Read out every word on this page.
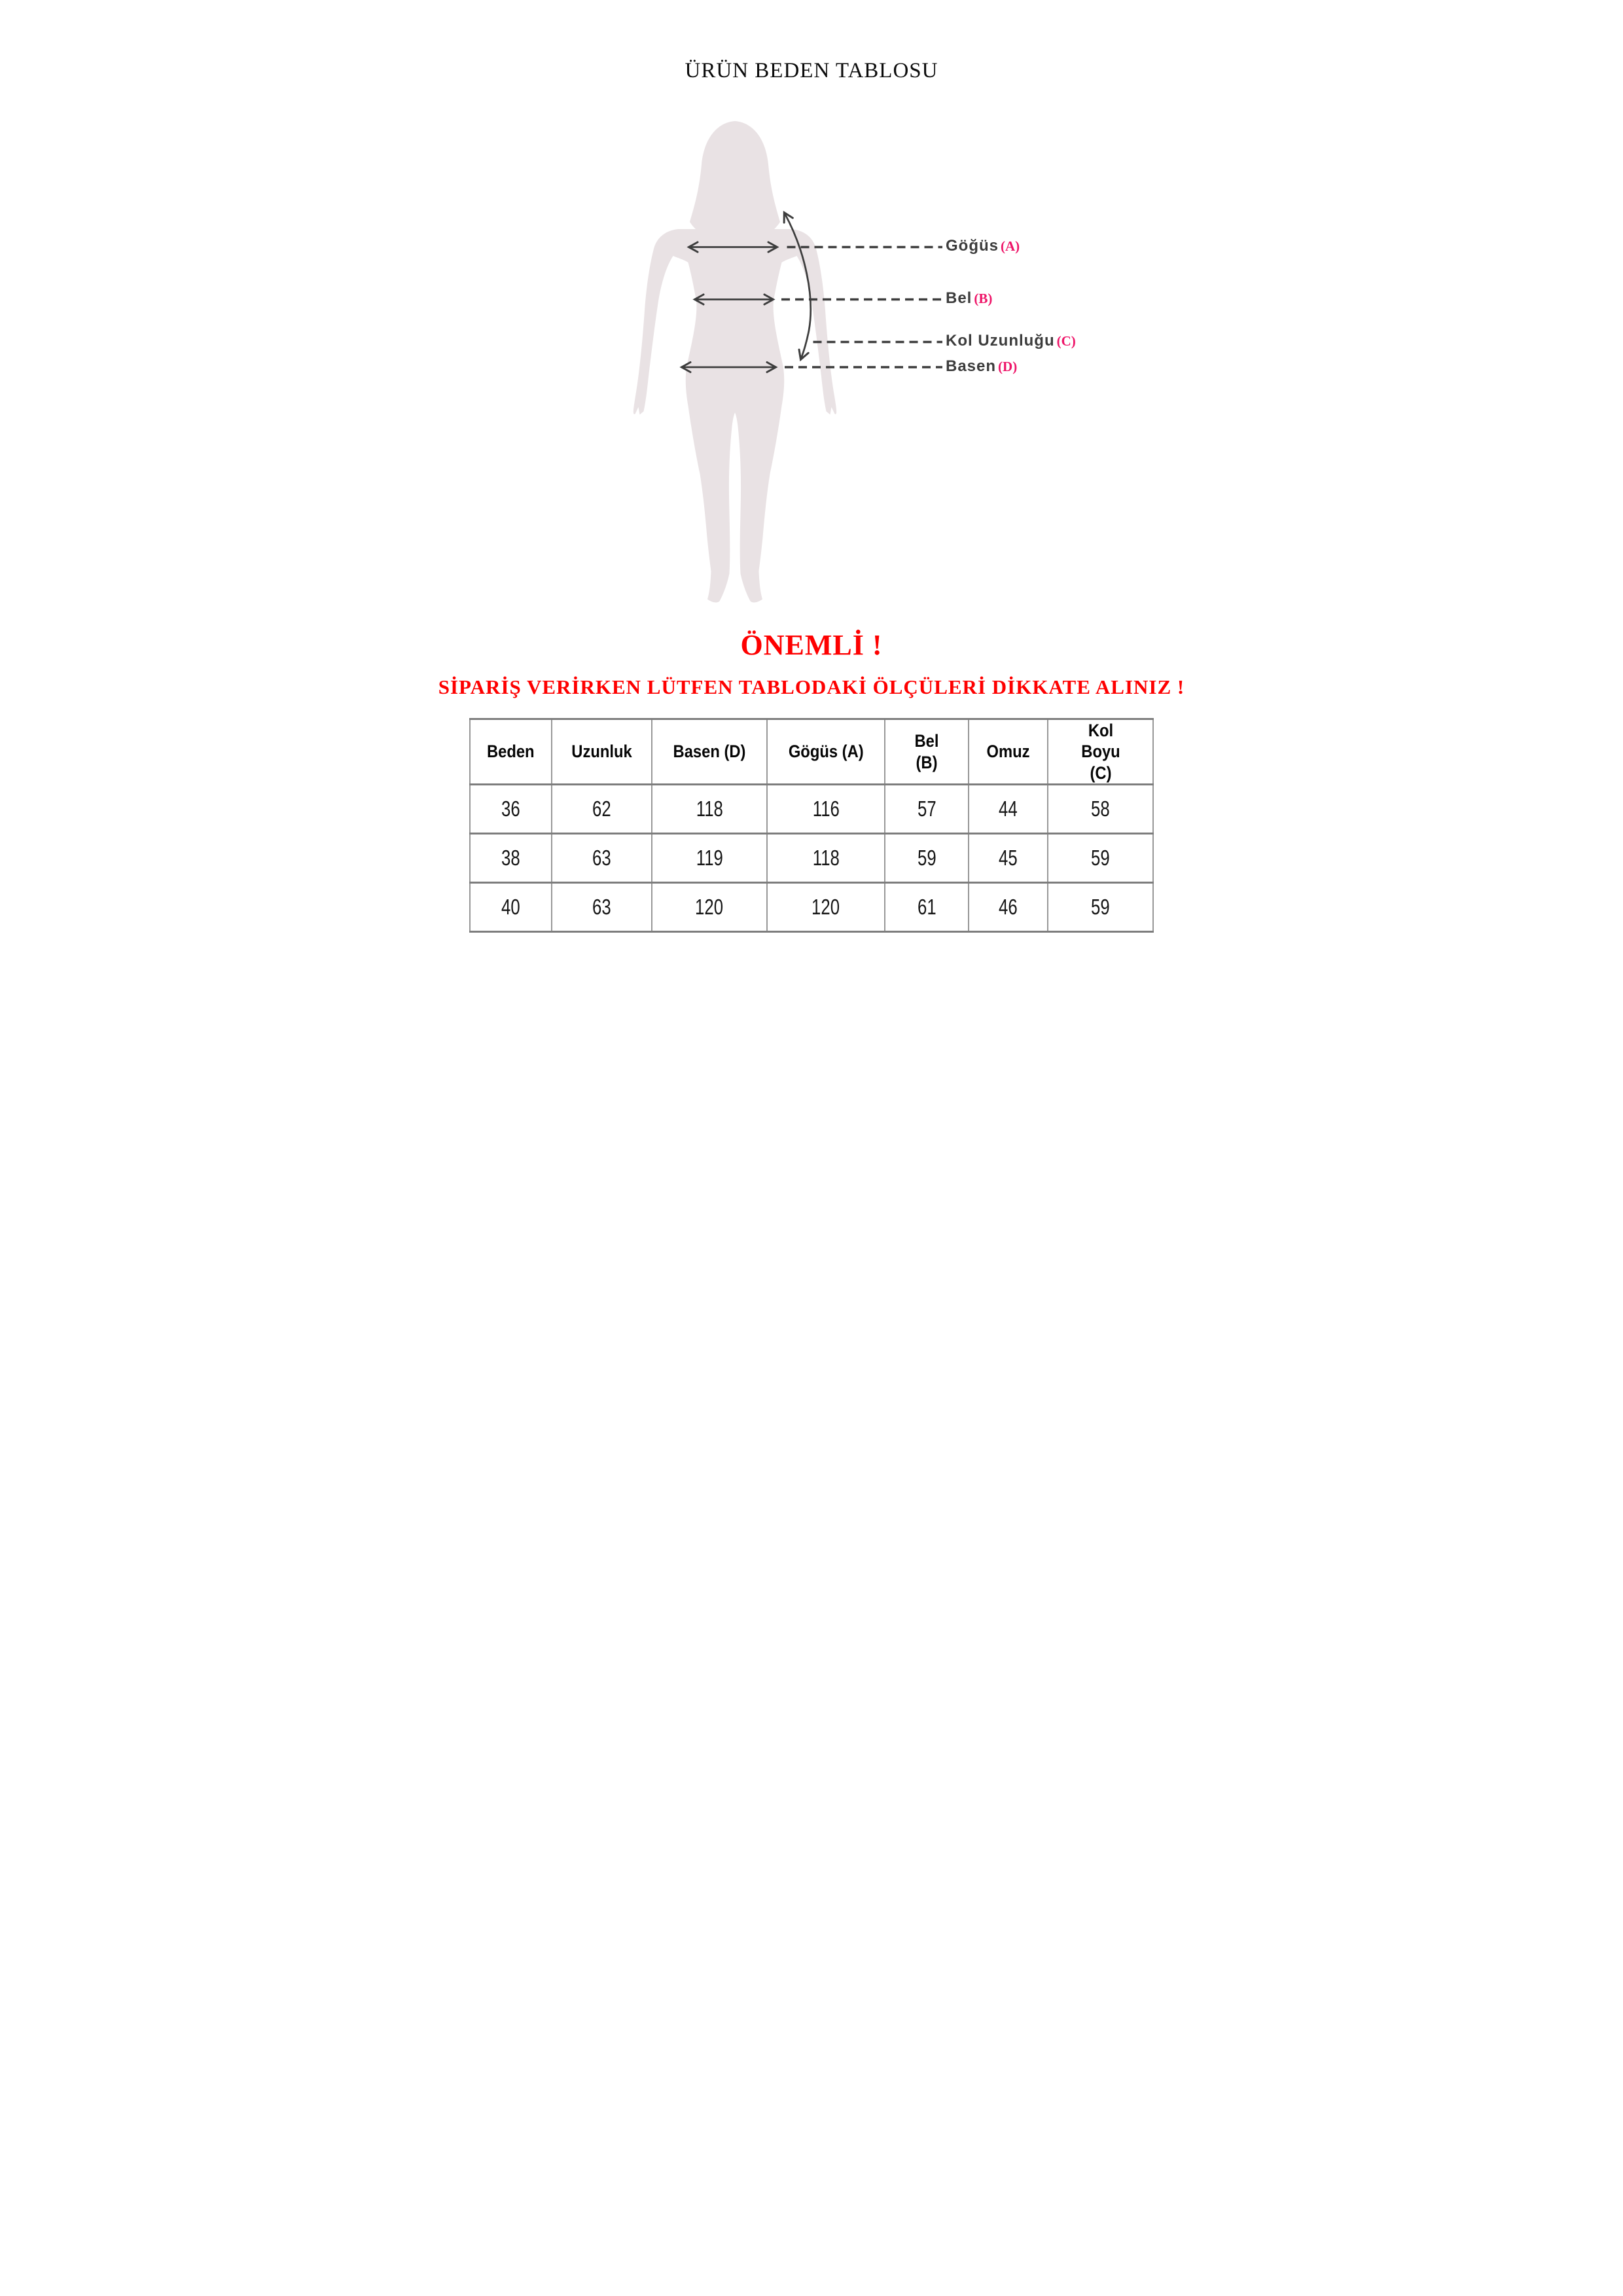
ÜRÜN BEDEN TABLOSU
Göğüs (A)
Bel (B)
Kol Uzunluğu (C)
Basen (D)
ÖNEMLİ !
SİPARİŞ VERİRKEN LÜTFEN TABLODAKİ ÖLÇÜLERİ DİKKATE ALINIZ !
Beden	Uzunluk	Basen (D)	Gögüs (A)	Bel (B)	Omuz	Kol Boyu (C)
36	62	118	116	57	44	58
38	63	119	118	59	45	59
40	63	120	120	61	46	59
